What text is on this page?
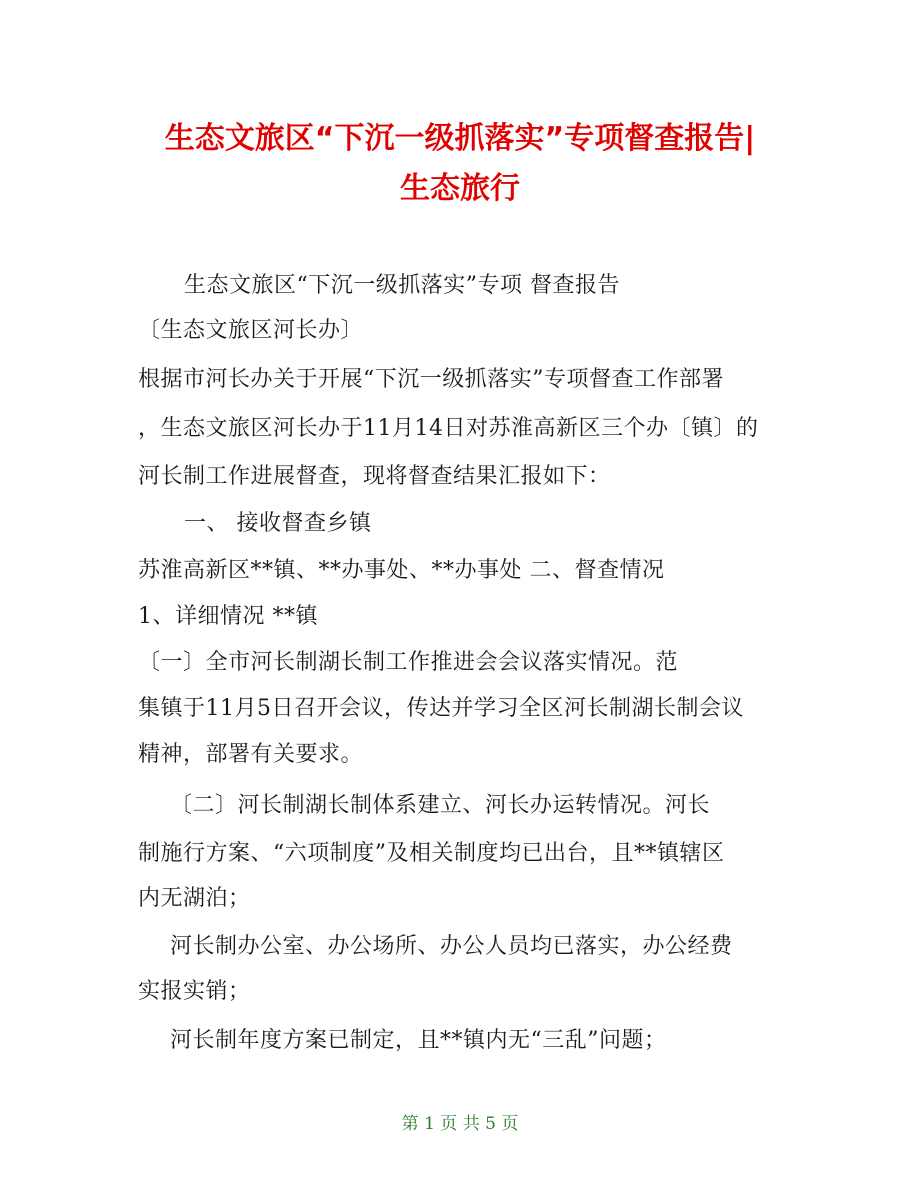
生态文旅区“下沉一级抓落实”专项督查报告|
生态旅行
生态文旅区“下沉一级抓落实”专项 督查报告
〔生态文旅区河长办〕
根据市河长办关于开展“下沉一级抓落实”专项督查工作部署
，生态文旅区河长办于11月14日对苏淮高新区三个办〔镇〕的
河长制工作进展督查，现将督查结果汇报如下：
一、 接收督查乡镇
苏淮高新区**镇、**办事处、**办事处 二、督查情况
1、详细情况 **镇
〔一〕全市河长制湖长制工作推进会会议落实情况。范
集镇于11月5日召开会议，传达并学习全区河长制湖长制会议
精神，部署有关要求。
〔二〕河长制湖长制体系建立、河长办运转情况。河长
制施行方案、“六项制度”及相关制度均已出台，且**镇辖区
内无湖泊；
河长制办公室、办公场所、办公人员均已落实，办公经费
实报实销；
河长制年度方案已制定，且**镇内无“三乱”问题；
第 1 页 共 5 页
